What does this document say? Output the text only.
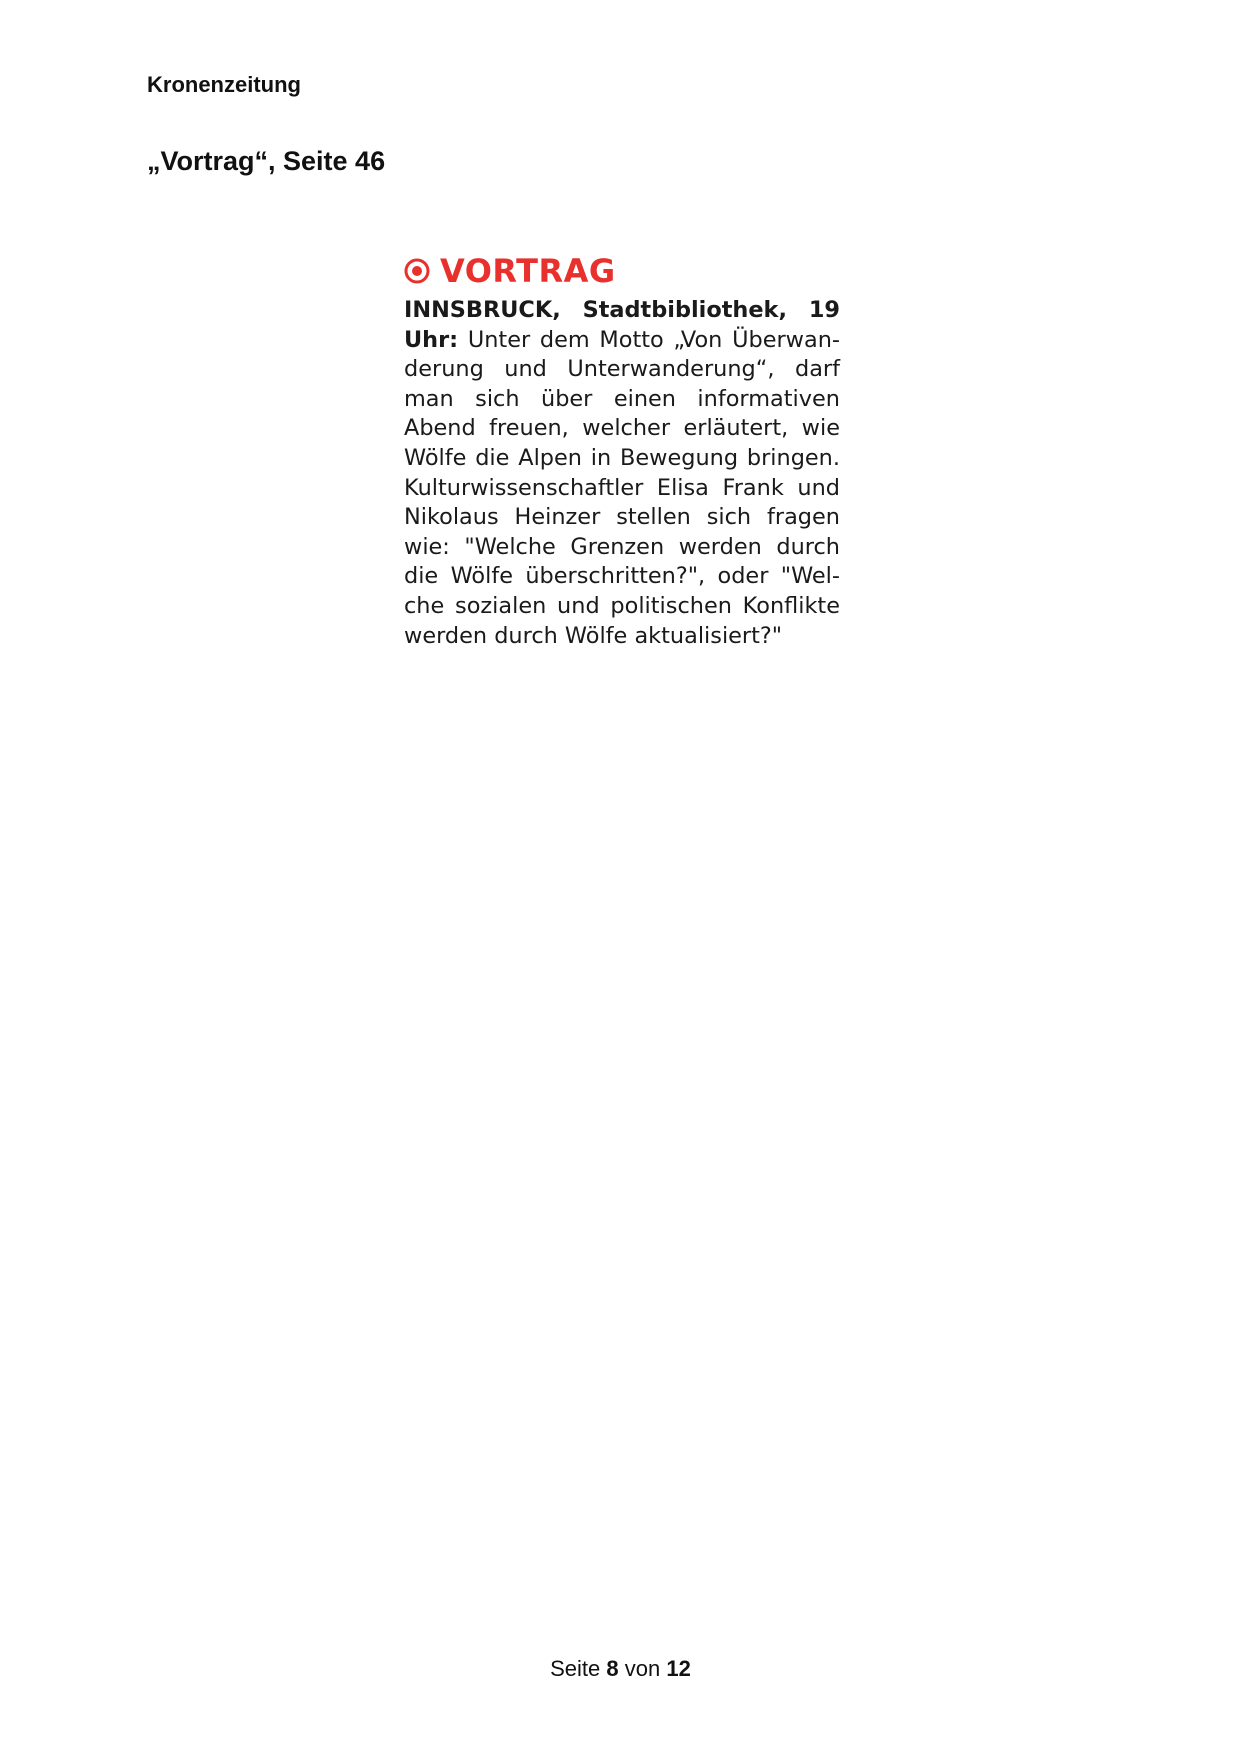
Kronenzeitung

„Vortrag“, Seite 46
VORTRAG

INNSBRUCK, Stadtbibliothek, 19 Uhr: Unter dem Motto „Von Überwanderung und Unterwanderung“, darf man sich über einen informativen Abend freuen, welcher erläutert, wie Wölfe die Alpen in Bewegung bringen. Kulturwissenschaftler Elisa Frank und Nikolaus Heinzer stellen sich fragen wie: "Welche Grenzen werden durch die Wölfe überschritten?", oder "Welche sozialen und politischen Konflikte werden durch Wölfe aktualisiert?"

Seite 8 von 12
